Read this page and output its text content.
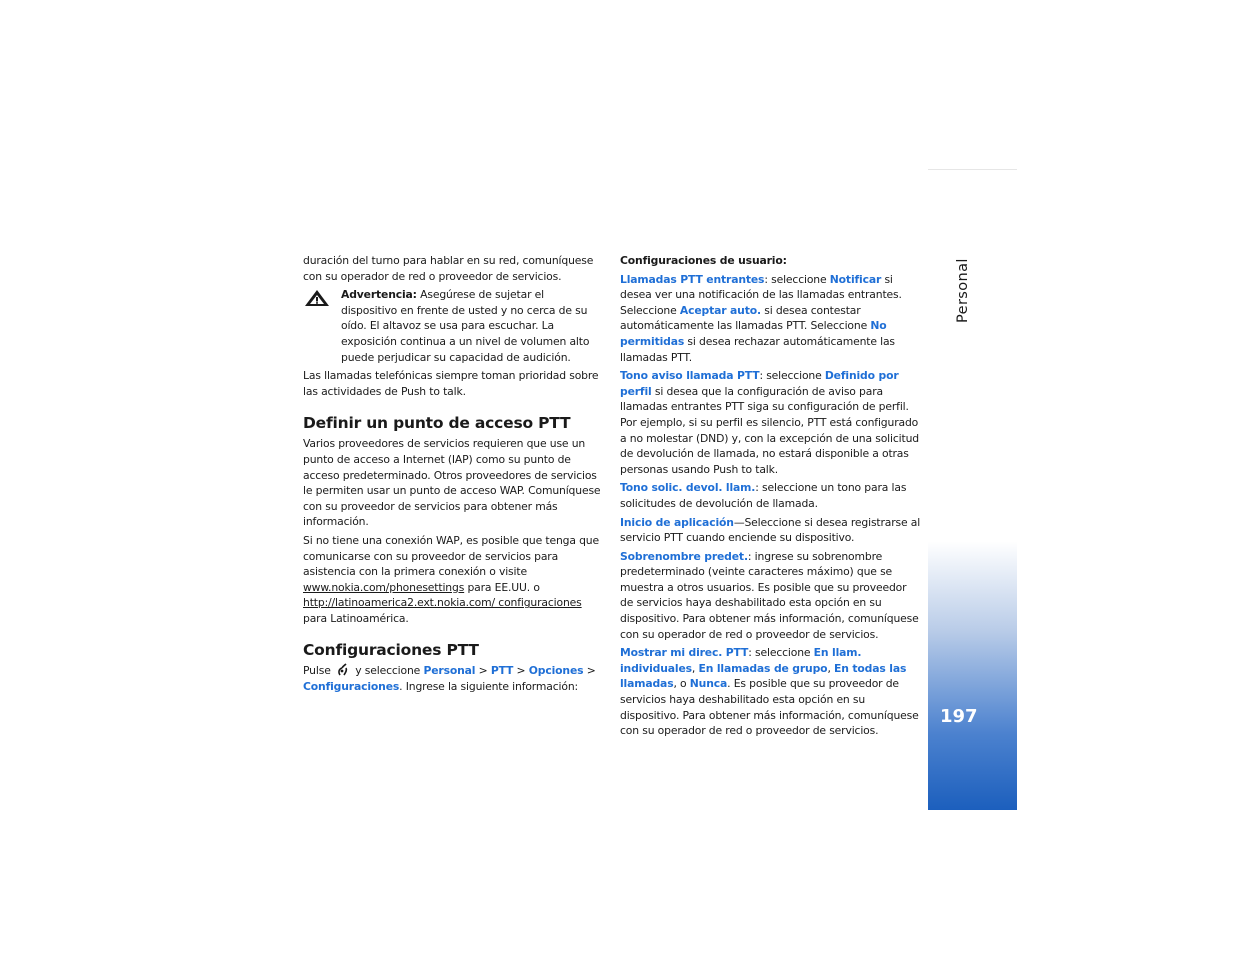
Personal
197

duración del turno para hablar en su red, comuníquese con su operador de red o proveedor de servicios.

Advertencia: Asegúrese de sujetar el dispositivo en frente de usted y no cerca de su oído. El altavoz se usa para escuchar. La exposición continua a un nivel de volumen alto puede perjudicar su capacidad de audición.

Las llamadas telefónicas siempre toman prioridad sobre las actividades de Push to talk.

Definir un punto de acceso PTT

Varios proveedores de servicios requieren que use un punto de acceso a Internet (IAP) como su punto de acceso predeterminado. Otros proveedores de servicios le permiten usar un punto de acceso WAP. Comuníquese con su proveedor de servicios para obtener más información.

Si no tiene una conexión WAP, es posible que tenga que comunicarse con su proveedor de servicios para asistencia con la primera conexión o visite www.nokia.com/phonesettings para EE.UU. o http://latinoamerica2.ext.nokia.com/ configuraciones para Latinoamérica.

Configuraciones PTT

Pulse  y seleccione Personal > PTT > Opciones > Configuraciones. Ingrese la siguiente información:

Configuraciones de usuario:

Llamadas PTT entrantes: seleccione Notificar si desea ver una notificación de las llamadas entrantes. Seleccione Aceptar auto. si desea contestar automáticamente las llamadas PTT. Seleccione No permitidas si desea rechazar automáticamente las llamadas PTT.

Tono aviso llamada PTT: seleccione Definido por perfil si desea que la configuración de aviso para llamadas entrantes PTT siga su configuración de perfil. Por ejemplo, si su perfil es silencio, PTT está configurado a no molestar (DND) y, con la excepción de una solicitud de devolución de llamada, no estará disponible a otras personas usando Push to talk.

Tono solic. devol. llam.: seleccione un tono para las solicitudes de devolución de llamada.

Inicio de aplicación—Seleccione si desea registrarse al servicio PTT cuando enciende su dispositivo.

Sobrenombre predet.: ingrese su sobrenombre predeterminado (veinte caracteres máximo) que se muestra a otros usuarios. Es posible que su proveedor de servicios haya deshabilitado esta opción en su dispositivo. Para obtener más información, comuníquese con su operador de red o proveedor de servicios.

Mostrar mi direc. PTT: seleccione En llam. individuales, En llamadas de grupo, En todas las llamadas, o Nunca. Es posible que su proveedor de servicios haya deshabilitado esta opción en su dispositivo. Para obtener más información, comuníquese con su operador de red o proveedor de servicios.
